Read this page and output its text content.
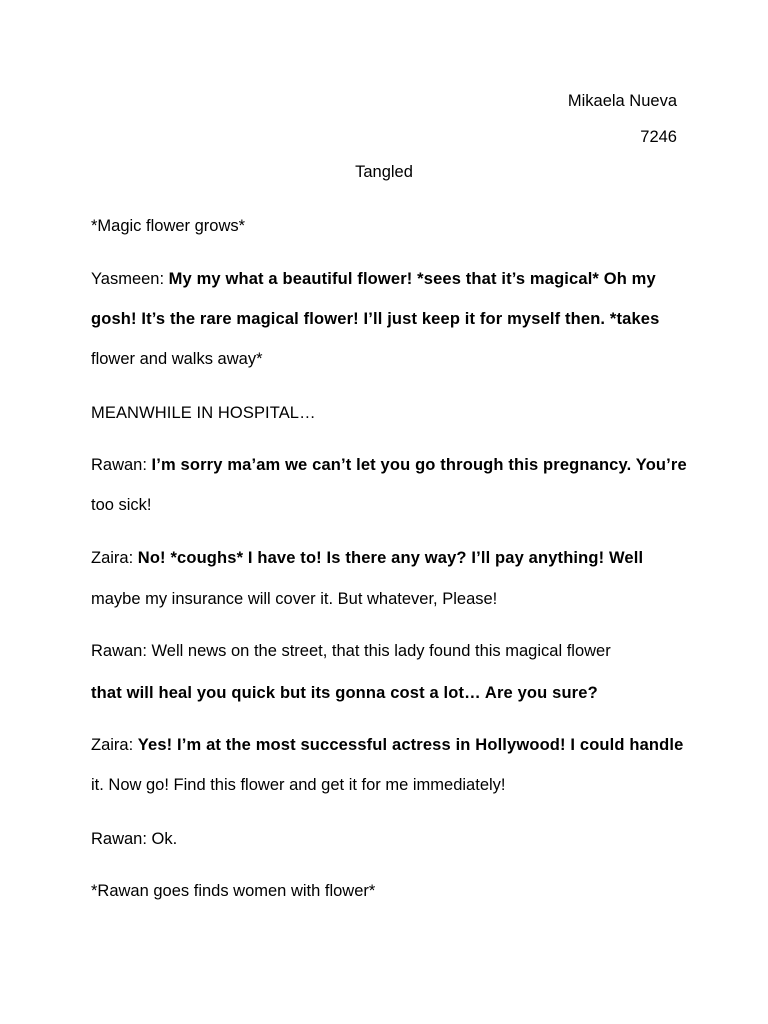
Mikaela Nueva
7246
Tangled
*Magic flower grows*
Yasmeen: My my what a beautiful flower! *sees that it’s magical* Oh my
gosh! It’s the rare magical flower! I’ll just keep it for myself then. *takes
flower and walks away*
MEANWHILE IN HOSPITAL…
Rawan: I’m sorry ma’am we can’t let you go through this pregnancy. You’re
too sick!
Zaira: No! *coughs* I have to! Is there any way? I’ll pay anything! Well
maybe my insurance will cover it. But whatever, Please!
Rawan: Well news on the street, that this lady found this magical flower
that will heal you quick but its gonna cost a lot… Are you sure?
Zaira: Yes! I’m at the most successful actress in Hollywood! I could handle
it. Now go! Find this flower and get it for me immediately!
Rawan: Ok.
*Rawan goes finds women with flower*
